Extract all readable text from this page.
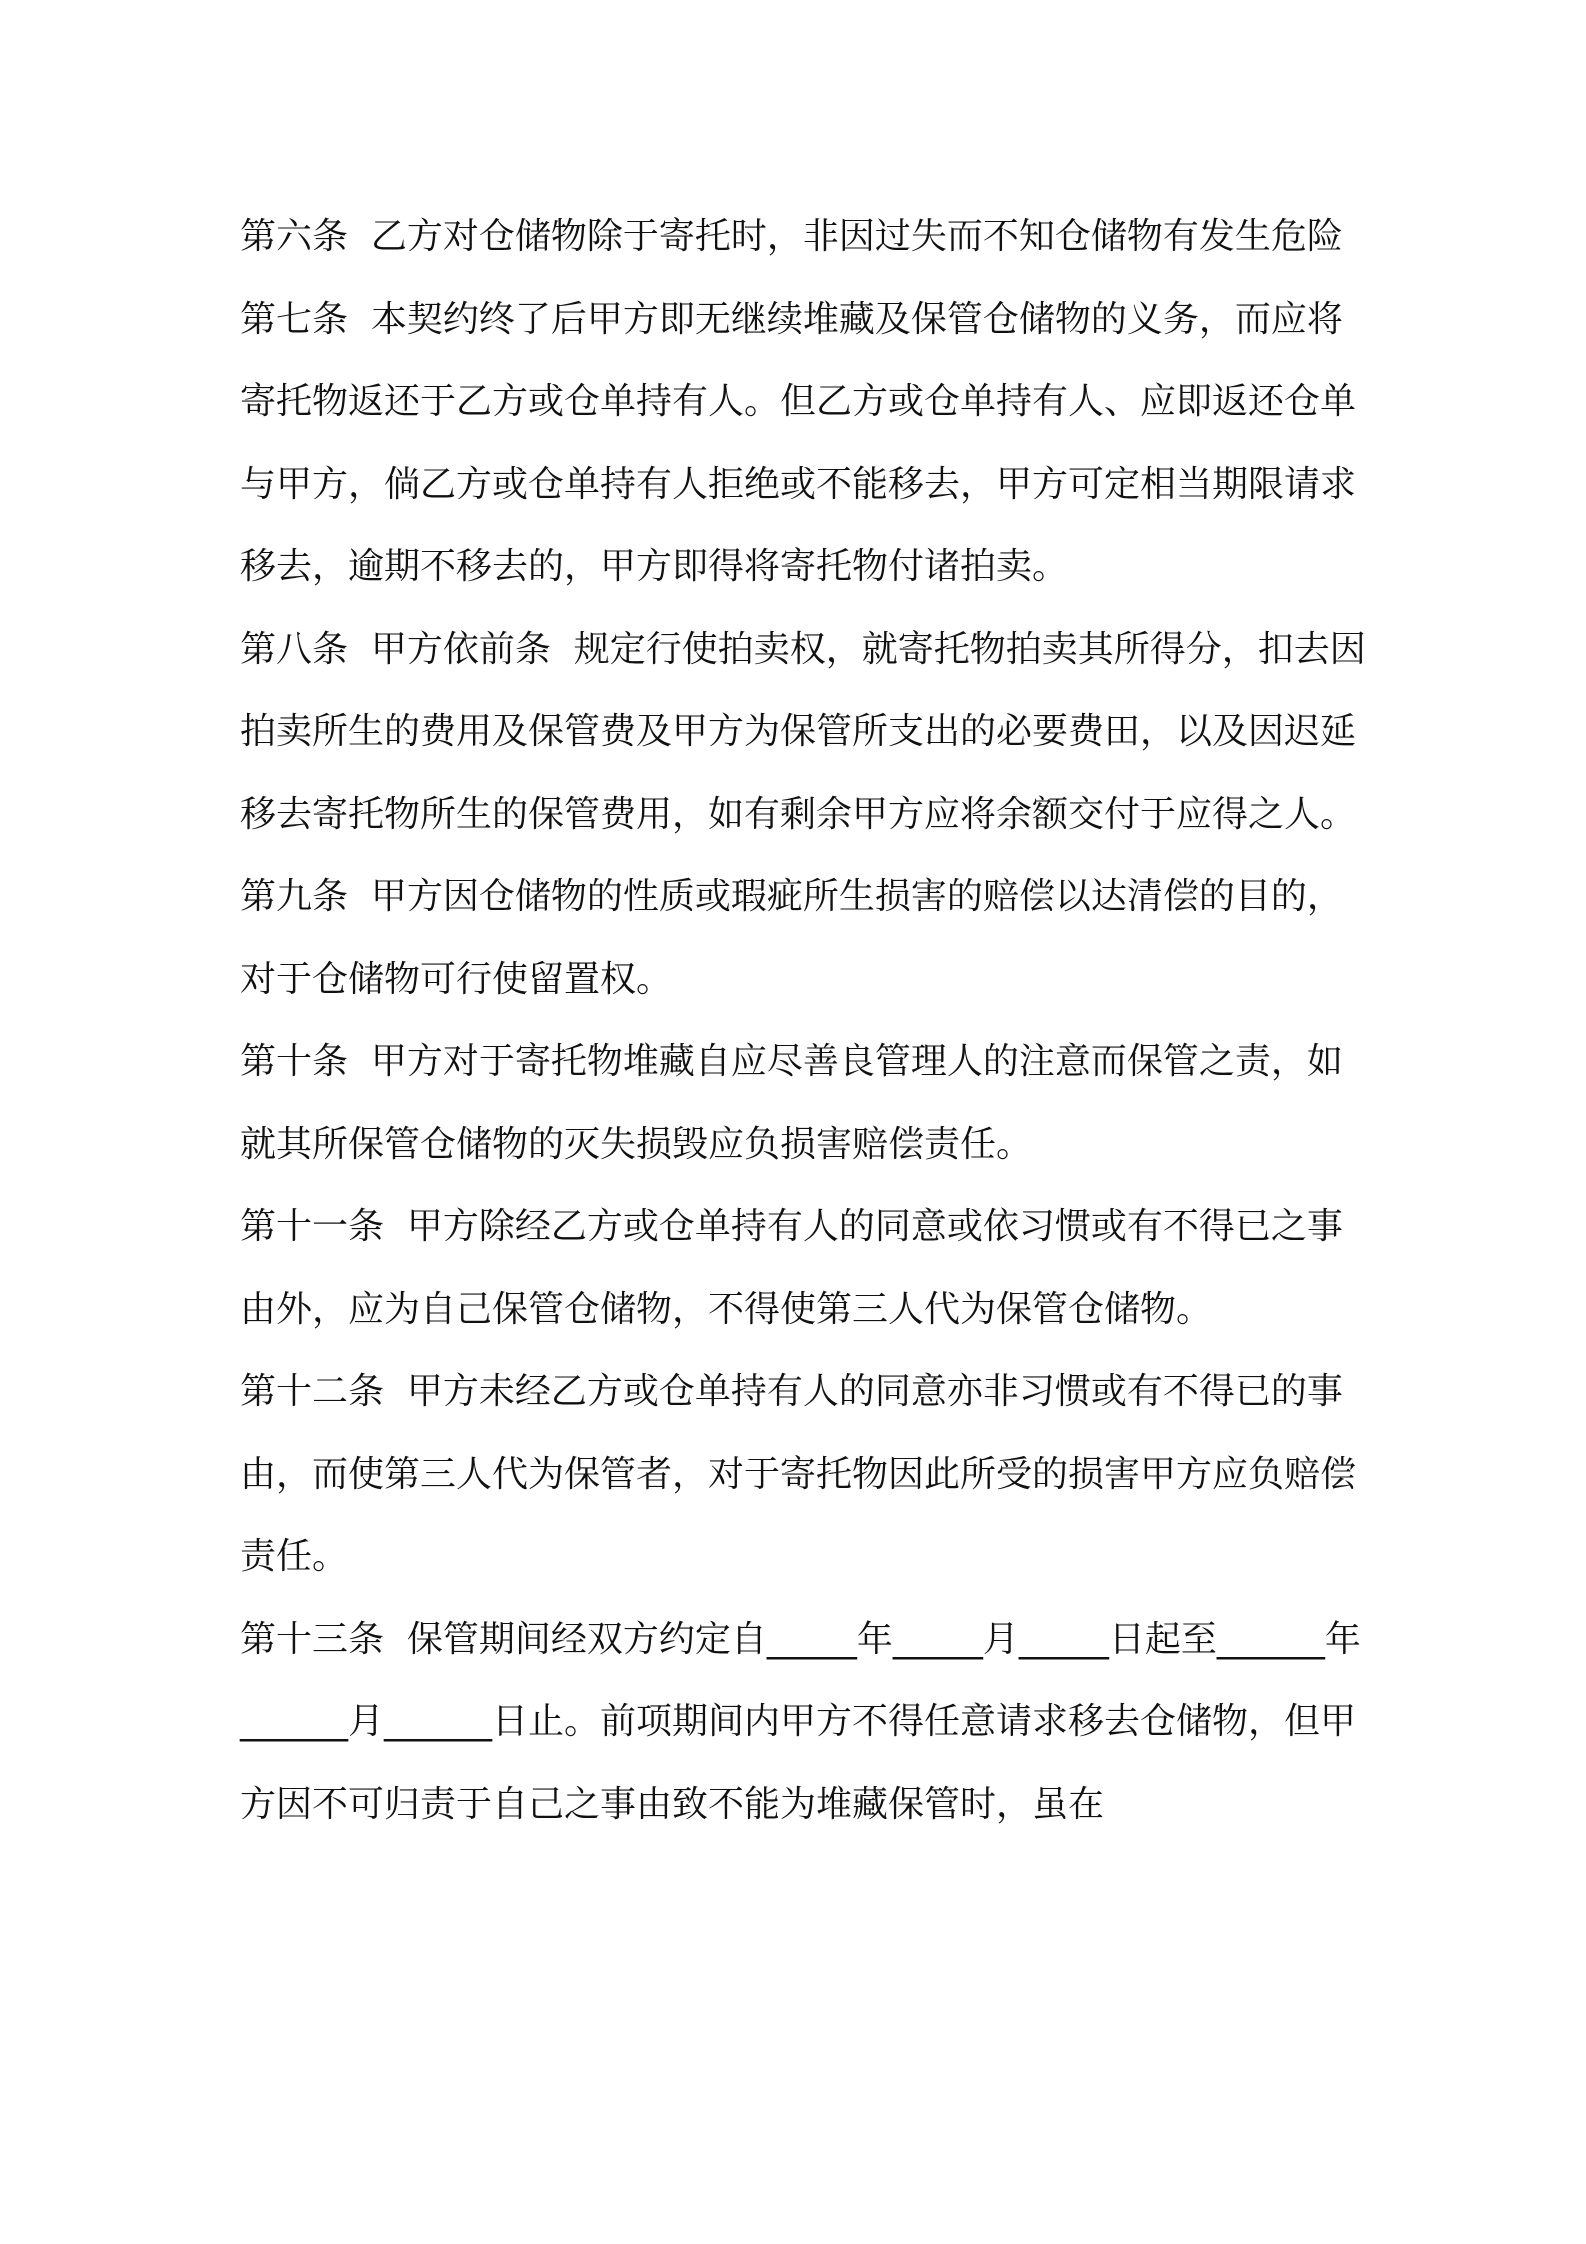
第六条  乙方对仓储物除于寄托时，非因过失而不知仓储物有发生危险

第七条  本契约终了后甲方即无继续堆藏及保管仓储物的义务，而应将寄托物返还于乙方或仓单持有人。但乙方或仓单持有人、应即返还仓单与甲方，倘乙方或仓单持有人拒绝或不能移去，甲方可定相当期限请求移去，逾期不移去的，甲方即得将寄托物付诸拍卖。

第八条  甲方依前条  规定行使拍卖权，就寄托物拍卖其所得分，扣去因拍卖所生的费用及保管费及甲方为保管所支出的必要费田，以及因迟延移去寄托物所生的保管费用，如有剩余甲方应将余额交付于应得之人。

第九条  甲方因仓储物的性质或瑕疵所生损害的赔偿以达清偿的目的，对于仓储物可行使留置权。

第十条  甲方对于寄托物堆藏自应尽善良管理人的注意而保管之责，如就其所保管仓储物的灭失损毁应负损害赔偿责任。

第十一条  甲方除经乙方或仓单持有人的同意或依习惯或有不得已之事由外，应为自己保管仓储物，不得使第三人代为保管仓储物。

第十二条  甲方未经乙方或仓单持有人的同意亦非习惯或有不得已的事由，而使第三人代为保管者，对于寄托物因此所受的损害甲方应负赔偿责任。

第十三条  保管期间经双方约定自_____年_____月_____日起至______年______月______日止。前项期间内甲方不得任意请求移去仓储物，但甲方因不可归责于自己之事由致不能为堆藏保管时，虽在
